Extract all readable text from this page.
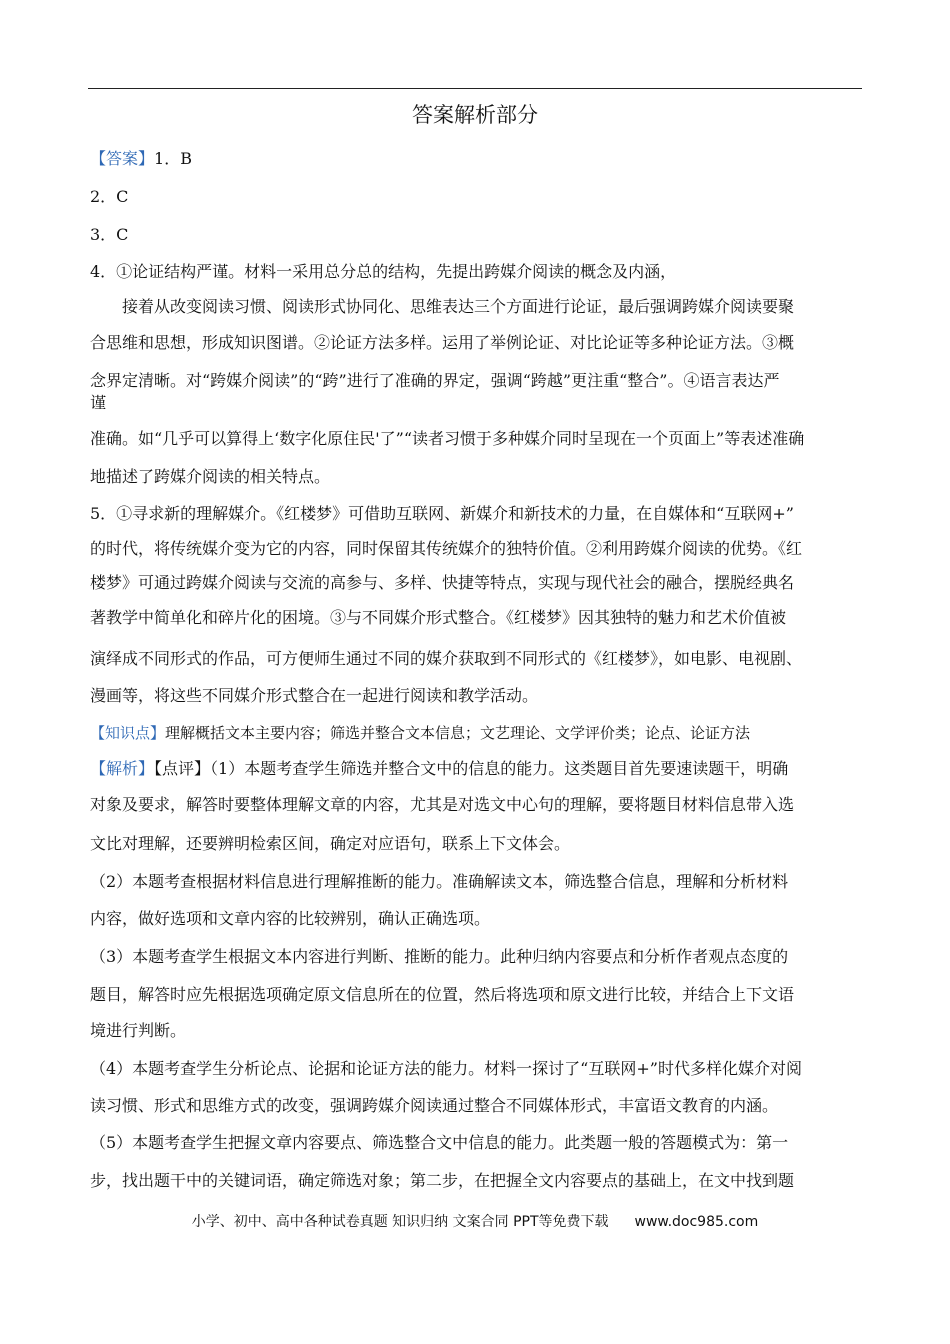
答案解析部分
【答案】1．B
2．C
3．C
4．①论证结构严谨。材料一采用总分总的结构，先提出跨媒介阅读的概念及内涵，
接着从改变阅读习惯、阅读形式协同化、思维表达三个方面进行论证，最后强调跨媒介阅读要聚
合思维和思想，形成知识图谱。②论证方法多样。运用了举例论证、对比论证等多种论证方法。③概
念界定清晰。对“跨媒介阅读”的“跨”进行了准确的界定，强调“跨越”更注重“整合”。④语言表达严
谨
准确。如“几乎可以算得上‘数字化原住民'了”“读者习惯于多种媒介同时呈现在一个页面上”等表述准确
地描述了跨媒介阅读的相关特点。
5．①寻求新的理解媒介。《红楼梦》可借助互联网、新媒介和新技术的力量，在自媒体和“互联网+”
的时代，将传统媒介变为它的内容，同时保留其传统媒介的独特价值。②利用跨媒介阅读的优势。《红
楼梦》可通过跨媒介阅读与交流的高参与、多样、快捷等特点，实现与现代社会的融合，摆脱经典名
著教学中简单化和碎片化的困境。③与不同媒介形式整合。《红楼梦》因其独特的魅力和艺术价值被
演绎成不同形式的作品，可方便师生通过不同的媒介获取到不同形式的《红楼梦》，如电影、电视剧、
漫画等，将这些不同媒介形式整合在一起进行阅读和教学活动。
【知识点】理解概括文本主要内容；筛选并整合文本信息；文艺理论、文学评价类；论点、论证方法
【解析】【点评】（1）本题考查学生筛选并整合文中的信息的能力。这类题目首先要速读题干，明确
对象及要求，解答时要整体理解文章的内容，尤其是对选文中心句的理解，要将题目材料信息带入选
文比对理解，还要辨明检索区间，确定对应语句，联系上下文体会。
（2）本题考查根据材料信息进行理解推断的能力。准确解读文本，筛选整合信息，理解和分析材料
内容，做好选项和文章内容的比较辨别，确认正确选项。
（3）本题考查学生根据文本内容进行判断、推断的能力。此种归纳内容要点和分析作者观点态度的
题目，解答时应先根据选项确定原文信息所在的位置，然后将选项和原文进行比较，并结合上下文语
境进行判断。
（4）本题考查学生分析论点、论据和论证方法的能力。材料一探讨了“互联网+”时代多样化媒介对阅
读习惯、形式和思维方式的改变，强调跨媒介阅读通过整合不同媒体形式，丰富语文教育的内涵。
（5）本题考查学生把握文章内容要点、筛选整合文中信息的能力。此类题一般的答题模式为：第一
步，找出题干中的关键词语，确定筛选对象；第二步，在把握全文内容要点的基础上，在文中找到题
小学、初中、高中各种试卷真题 知识归纳 文案合同 PPT等免费下载 www.doc985.com
